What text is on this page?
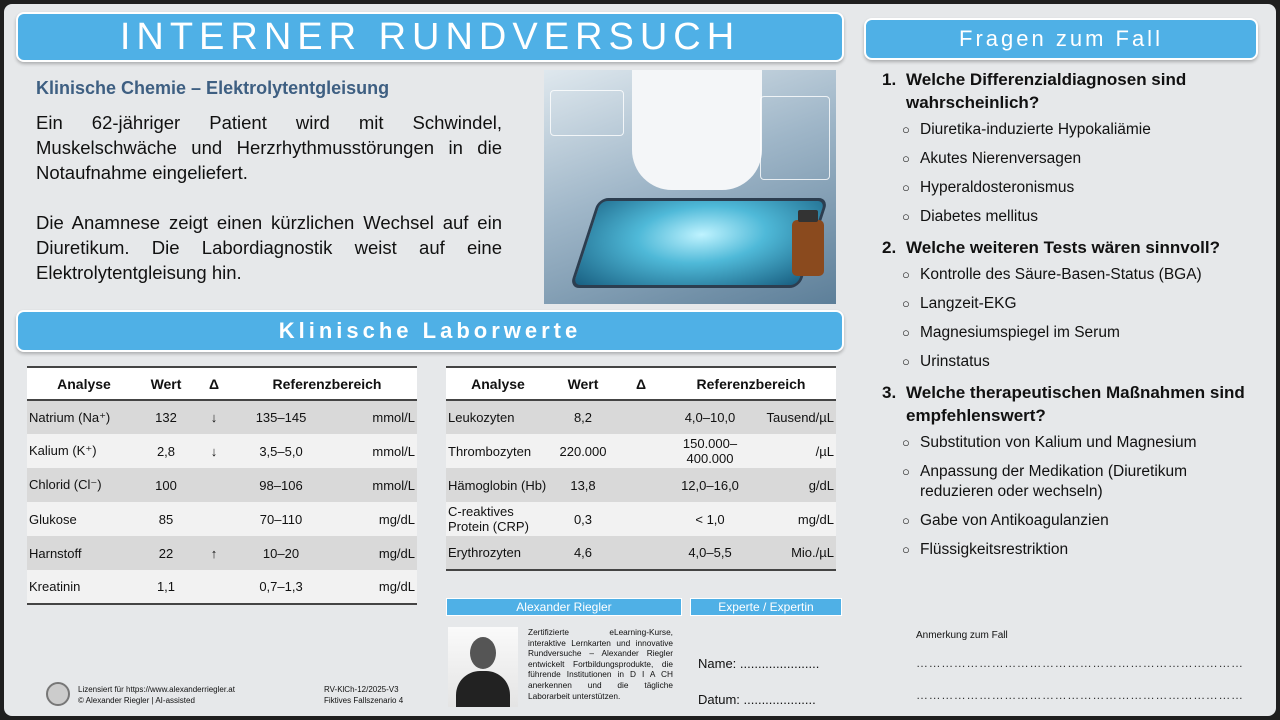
INTERNER RUNDVERSUCH
Klinische Chemie – Elektrolytentgleisung

Ein 62-jähriger Patient wird mit Schwindel, Muskelschwäche und Herzrhythmusstörungen in die Notaufnahme eingeliefert.

Die Anamnese zeigt einen kürzlichen Wechsel auf ein Diuretikum. Die Labordiagnostik weist auf eine Elektrolytentgleisung hin.

Klinische Laborwerte
Analyse	Wert	Δ	Referenzbereich	
Natrium (Na⁺)	132	↓	135–145	mmol/L
Kalium (K⁺)	2,8	↓	3,5–5,0	mmol/L
Chlorid (Cl⁻)	100		98–106	mmol/L
Glukose	85		70–110	mg/dL
Harnstoff	22	↑	10–20	mg/dL
Kreatinin	1,1		0,7–1,3	mg/dL
Analyse	Wert	Δ	Referenzbereich	
Leukozyten	8,2		4,0–10,0	Tausend/µL
Thrombozyten	220.000		150.000–400.000	/µL
Hämoglobin (Hb)	13,8		12,0–16,0	g/dL
C-reaktives Protein (CRP)	0,3		< 1,0	mg/dL
Erythrozyten	4,6		4,0–5,5	Mio./µL
Fragen zum Fall
1. Welche Differenzialdiagnosen sind wahrscheinlich?
○ Diuretika-induzierte Hypokaliämie
○ Akutes Nierenversagen
○ Hyperaldosteronismus
○ Diabetes mellitus
2. Welche weiteren Tests wären sinnvoll?
○ Kontrolle des Säure-Basen-Status (BGA)
○ Langzeit-EKG
○ Magnesiumspiegel im Serum
○ Urinstatus
3. Welche therapeutischen Maßnahmen sind empfehlenswert?
○ Substitution von Kalium und Magnesium
○ Anpassung der Medikation (Diuretikum reduzieren oder wechseln)
○ Gabe von Antikoagulanzien
○ Flüssigkeitsrestriktion
Alexander Riegler	Experte / Expertin
Zertifizierte eLearning-Kurse, interaktive Lernkarten und innovative Rundversuche – Alexander Riegler entwickelt Fortbildungsprodukte, die führende Institutionen in D I A CH anerkennen und die tägliche Laborarbeit unterstützen.
Name: ......................
Datum: ....................
Anmerkung zum Fall
……………………………………………………………………
……………………………………………………………………
Lizensiert für https://www.alexanderriegler.at
© Alexander Riegler | AI-assisted
RV-KlCh-12/2025-V3
Fiktives Fallszenario 4
